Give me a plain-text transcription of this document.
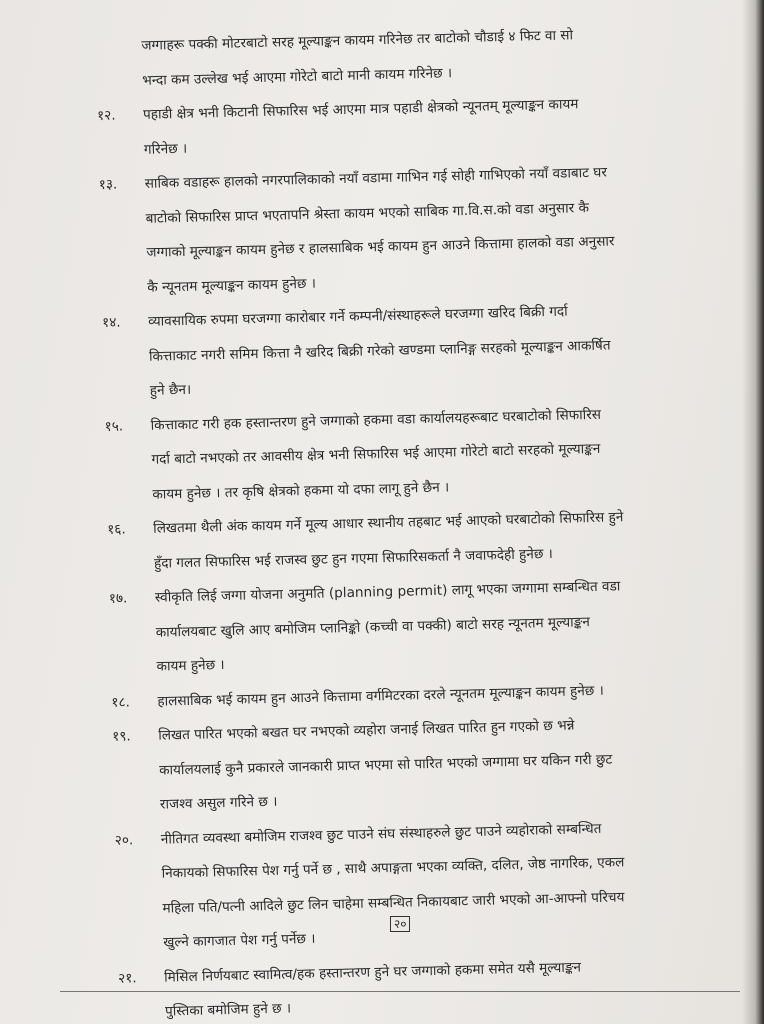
जग्गाहरू पक्की मोटरबाटो सरह मूल्याङ्कन कायम गरिनेछ तर बाटोको चौडाई ४ फिट वा सो
भन्दा कम उल्लेख भई आएमा गोरेटो बाटो मानी कायम गरिनेछ ।
१२.	पहाडी क्षेत्र भनी किटानी सिफारिस भई आएमा मात्र पहाडी क्षेत्रको न्यूनतम् मूल्याङ्कन कायम
गरिनेछ ।
१३.	साबिक वडाहरू हालको नगरपालिकाको नयाँ वडामा गाभिन गई सोही गाभिएको नयाँ वडाबाट घर
बाटोको सिफारिस प्राप्त भएतापनि श्रेस्ता कायम भएको साबिक गा.वि.स.को वडा अनुसार कै
जग्गाको मूल्याङ्कन कायम हुनेछ र हालसाबिक भई कायम हुन आउने कित्तामा हालको वडा अनुसार
कै न्यूनतम मूल्याङ्कन कायम हुनेछ ।
१४.	व्यावसायिक रुपमा घरजग्गा कारोबार गर्ने कम्पनी/संस्थाहरूले घरजग्गा खरिद बिक्री गर्दा
कित्ताकाट नगरी समिम कित्ता नै खरिद बिक्री गरेको खण्डमा प्लानिङ्ग सरहको मूल्याङ्कन आकर्षित
हुने छैन।
१५.	कित्ताकाट गरी हक हस्तान्तरण हुने जग्गाको हकमा वडा कार्यालयहरूबाट घरबाटोको सिफारिस
गर्दा बाटो नभएको तर आवसीय क्षेत्र भनी सिफारिस भई आएमा गोरेटो बाटो सरहको मूल्याङ्कन
कायम हुनेछ । तर कृषि क्षेत्रको हकमा यो दफा लागू हुने छैन ।
१६.	लिखतमा थैली अंक कायम गर्ने मूल्य आधार स्थानीय तहबाट भई आएको घरबाटोको सिफारिस हुने
हुँदा गलत सिफारिस भई राजस्व छुट हुन गएमा सिफारिसकर्ता नै जवाफदेही हुनेछ ।
१७.	स्वीकृति लिई जग्गा योजना अनुमति (planning permit) लागू भएका जग्गामा सम्बन्धित वडा
कार्यालयबाट खुलि आए बमोजिम प्लानिङ्को (कच्ची वा पक्की) बाटो सरह न्यूनतम मूल्याङ्कन
कायम हुनेछ ।
१८.	हालसाबिक भई कायम हुन आउने कित्तामा वर्गमिटरका दरले न्यूनतम मूल्याङ्कन कायम हुनेछ ।
१९.	लिखत पारित भएको बखत घर नभएको व्यहोरा जनाई लिखत पारित हुन गएको छ भन्ने
कार्यालयलाई कुनै प्रकारले जानकारी प्राप्त भएमा सो पारित भएको जग्गामा घर यकिन गरी छुट
राजश्व असुल गरिने छ ।
२०.	नीतिगत व्यवस्था बमोजिम राजश्व छुट पाउने संघ संस्थाहरुले छुट पाउने व्यहोराको सम्बन्धित
निकायको सिफारिस पेश गर्नु पर्ने छ , साथै अपाङ्गता भएका व्यक्ति, दलित, जेष्ठ नागरिक, एकल
महिला पति/पत्नी आदिले छुट लिन चाहेमा सम्बन्धित निकायबाट जारी भएको आ-आफ्नो परिचय
खुल्ने कागजात पेश गर्नु पर्नेछ ।
२१.	मिसिल निर्णयबाट स्वामित्व/हक हस्तान्तरण हुने घर जग्गाको हकमा समेत यसै मूल्याङ्कन
पुस्तिका बमोजिम हुने छ ।
२०
